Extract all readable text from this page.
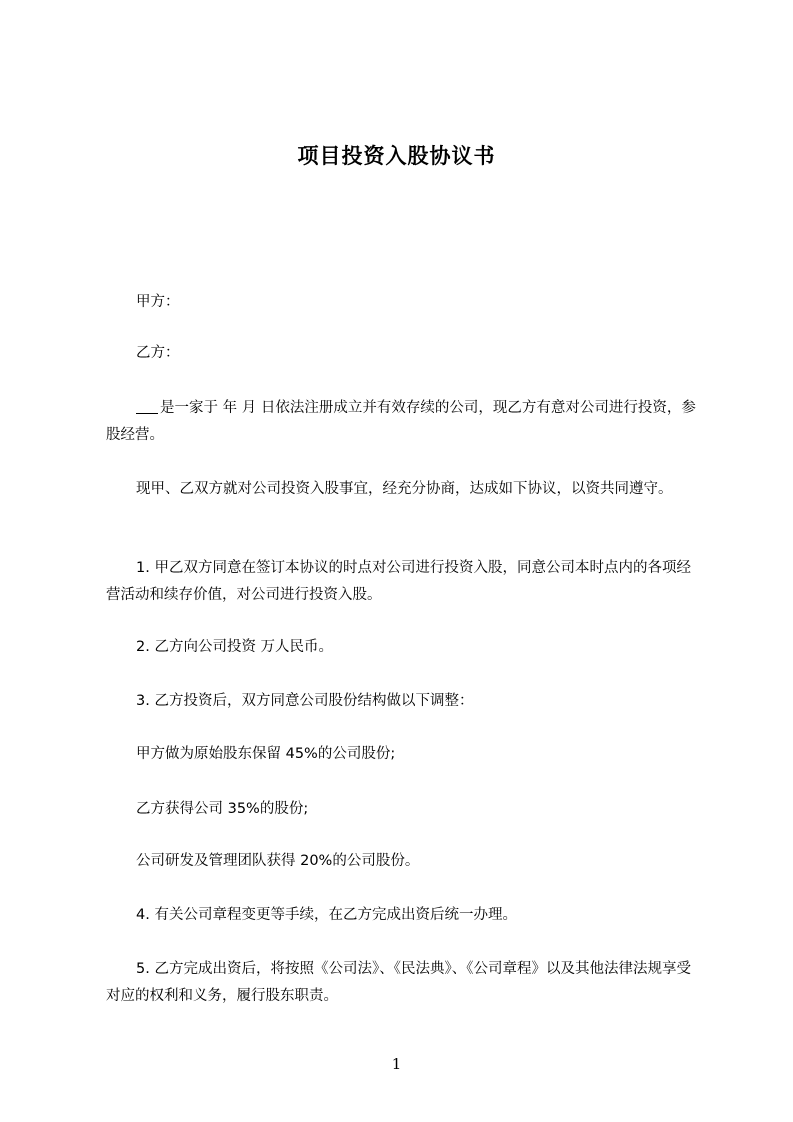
项目投资入股协议书
甲方：
乙方：
是一家于 年 月 日依法注册成立并有效存续的公司，现乙方有意对公司进行投资，参股经营。
现甲、乙双方就对公司投资入股事宜，经充分协商，达成如下协议，以资共同遵守。
1. 甲乙双方同意在签订本协议的时点对公司进行投资入股，同意公司本时点内的各项经营活动和续存价值，对公司进行投资入股。
2. 乙方向公司投资 万人民币。
3. 乙方投资后，双方同意公司股份结构做以下调整：
甲方做为原始股东保留 45%的公司股份;
乙方获得公司 35%的股份;
公司研发及管理团队获得 20%的公司股份。
4. 有关公司章程变更等手续，在乙方完成出资后统一办理。
5. 乙方完成出资后，将按照《公司法》、《民法典》、《公司章程》以及其他法律法规享受对应的权利和义务，履行股东职责。
1
